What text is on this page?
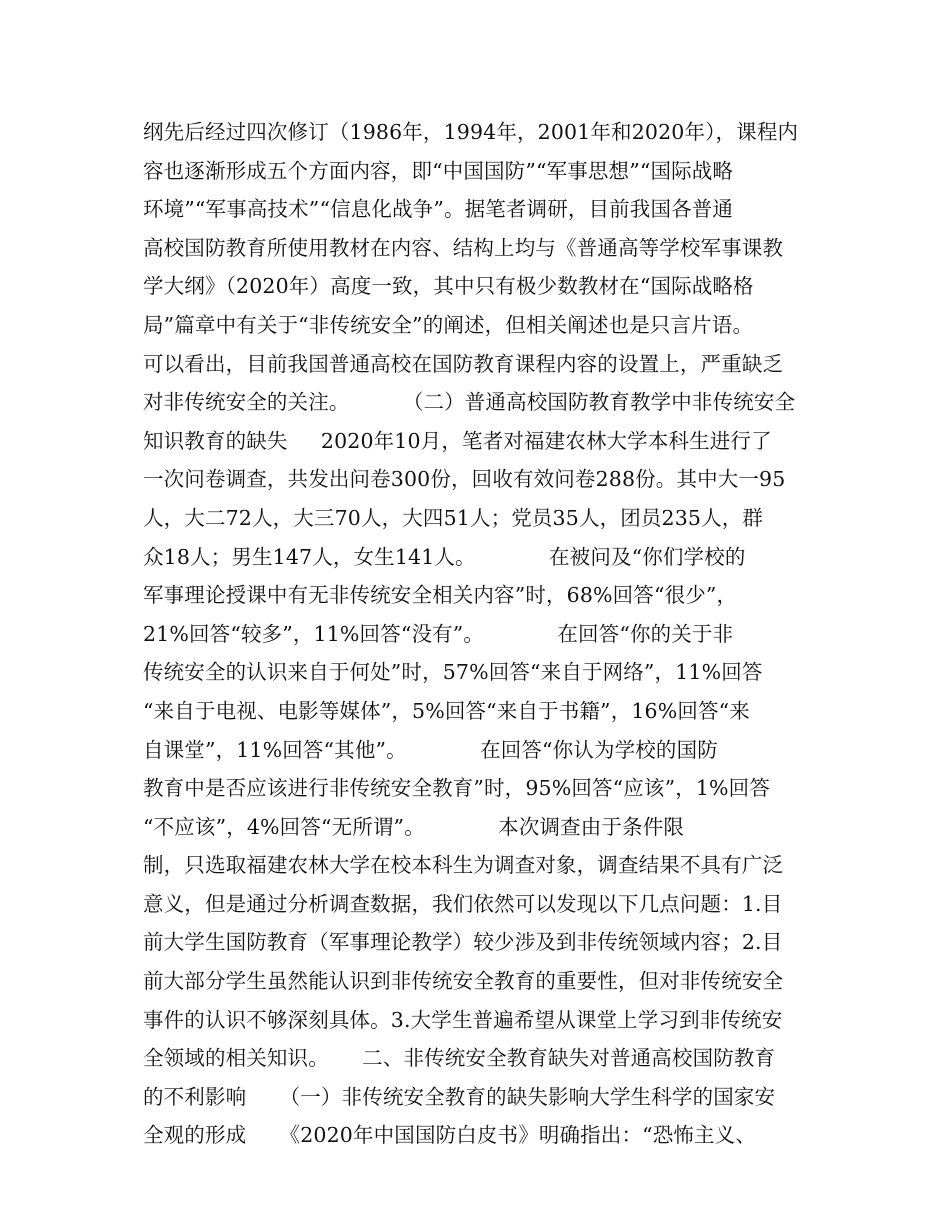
纲先后经过四次修订（1986年，1994年，2001年和2020年），课程内
容也逐渐形成五个方面内容，即“中国国防”“军事思想”“国际战略
环境”“军事高技术”“信息化战争”。据笔者调研，目前我国各普通
高校国防教育所使用教材在内容、结构上均与《普通高等学校军事课教
学大纲》（2020年）高度一致，其中只有极少数教材在“国际战略格
局”篇章中有关于“非传统安全”的阐述，但相关阐述也是只言片语。
可以看出，目前我国普通高校在国防教育课程内容的设置上，严重缺乏
对非传统安全的关注。        （二）普通高校国防教育教学中非传统安全
知识教育的缺失     2020年10月，笔者对福建农林大学本科生进行了
一次问卷调查，共发出问卷300份，回收有效问卷288份。其中大一95
人，大二72人，大三70人，大四51人；党员35人，团员235人，群
众18人；男生147人，女生141人。           在被问及“你们学校的
军事理论授课中有无非传统安全相关内容”时，68%回答“很少”，
21%回答“较多”，11%回答“没有”。           在回答“你的关于非
传统安全的认识来自于何处”时，57%回答“来自于网络”，11%回答
“来自于电视、电影等媒体”，5%回答“来自于书籍”，16%回答“来
自课堂”，11%回答“其他”。           在回答“你认为学校的国防
教育中是否应该进行非传统安全教育”时，95%回答“应该”，1%回答
“不应该”，4%回答“无所谓”。           本次调查由于条件限
制，只选取福建农林大学在校本科生为调查对象，调查结果不具有广泛
意义，但是通过分析调查数据，我们依然可以发现以下几点问题：1.目
前大学生国防教育（军事理论教学）较少涉及到非传统领域内容；2.目
前大部分学生虽然能认识到非传统安全教育的重要性，但对非传统安全
事件的认识不够深刻具体。3.大学生普遍希望从课堂上学习到非传统安
全领域的相关知识。     二、非传统安全教育缺失对普通高校国防教育
的不利影响     （一）非传统安全教育的缺失影响大学生科学的国家安
全观的形成     《2020年中国国防白皮书》明确指出：“恐怖主义、
